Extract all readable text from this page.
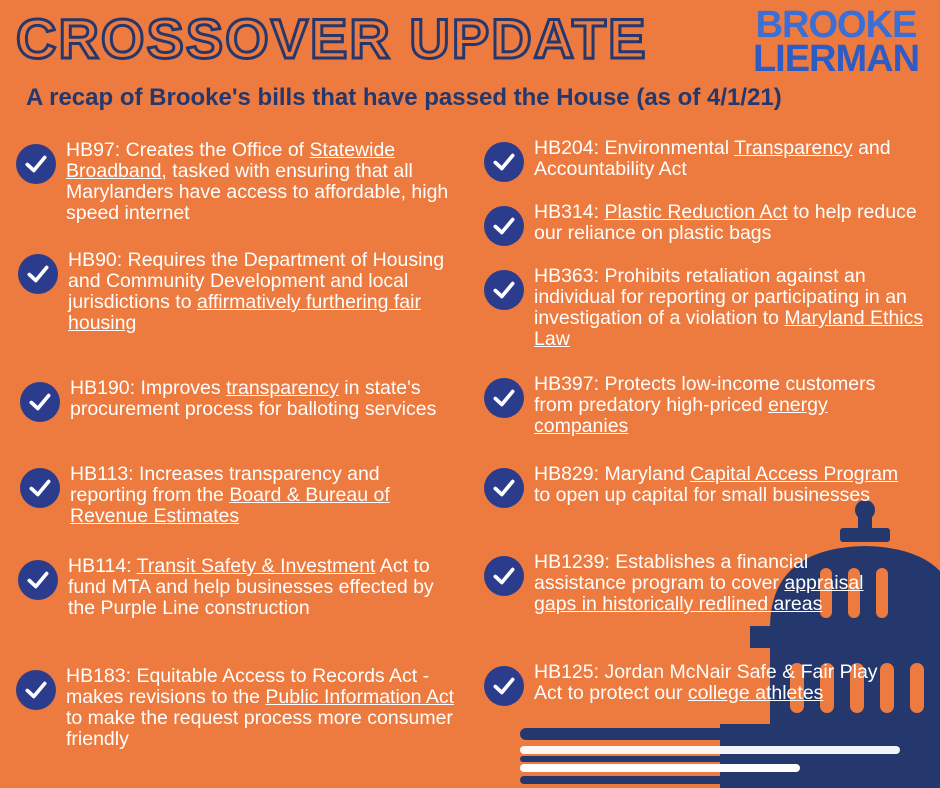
CROSSOVER UPDATE	BROOKE
LIERMAN
A recap of Brooke's bills that have passed the House (as of 4/1/21)
HB97: Creates the Office of Statewide Broadband, tasked with ensuring that all Marylanders have access to affordable, high speed internet
HB90: Requires the Department of Housing and Community Development and local jurisdictions to affirmatively furthering fair housing
HB190: Improves transparency in state's procurement process for balloting services
HB113: Increases transparency and reporting from the Board & Bureau of Revenue Estimates
HB114: Transit Safety & Investment Act to fund MTA and help businesses effected by the Purple Line construction
HB183: Equitable Access to Records Act - makes revisions to the Public Information Act to make the request process more consumer friendly
HB204: Environmental Transparency and Accountability Act
HB314: Plastic Reduction Act to help reduce our reliance on plastic bags
HB363: Prohibits retaliation against an individual for reporting or participating in an investigation of a violation to Maryland Ethics Law
HB397: Protects low-income customers from predatory high-priced energy companies
HB829: Maryland Capital Access Program to open up capital for small businesses
HB1239: Establishes a financial assistance program to cover appraisal gaps in historically redlined areas
HB125: Jordan McNair Safe & Fair Play Act to protect our college athletes
